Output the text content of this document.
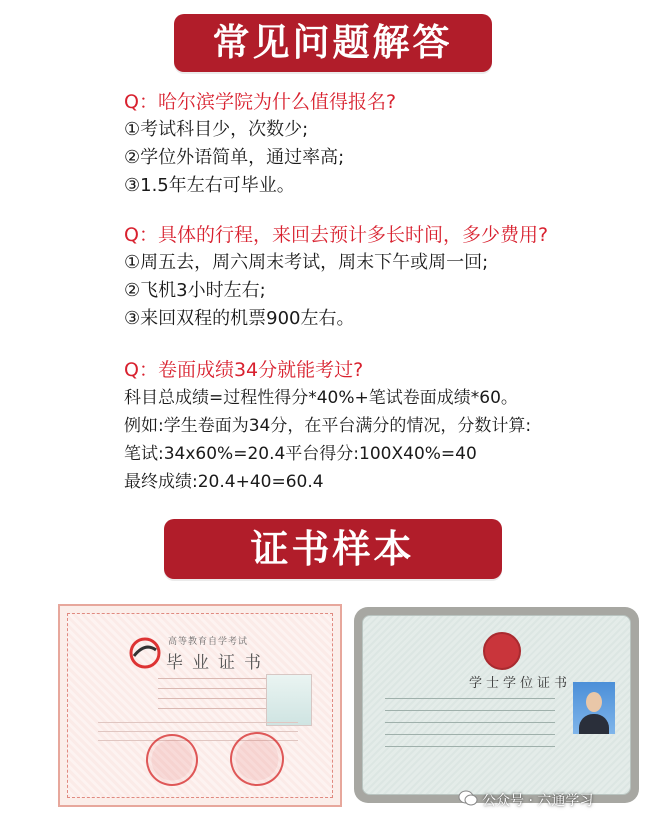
常见问题解答

Q：哈尔滨学院为什么值得报名?

①考试科目少，次数少;

②学位外语简单，通过率高;

③1.5年左右可毕业。

Q：具体的行程，来回去预计多长时间，多少费用?

①周五去，周六周末考试，周末下午或周一回;

②飞机3小时左右;

③来回双程的机票900左右。

Q：卷面成绩34分就能考过?

科目总成绩=过程性得分*40%+笔试卷面成绩*60。

例如:学生卷面为34分，在平台满分的情况，分数计算:

笔试:34x60%=20.4平台得分:100X40%=40

最终成绩:20.4+40=60.4

证书样本
高等教育自学考试
毕业证书
学士学位证书
公众号 · 六通学习
